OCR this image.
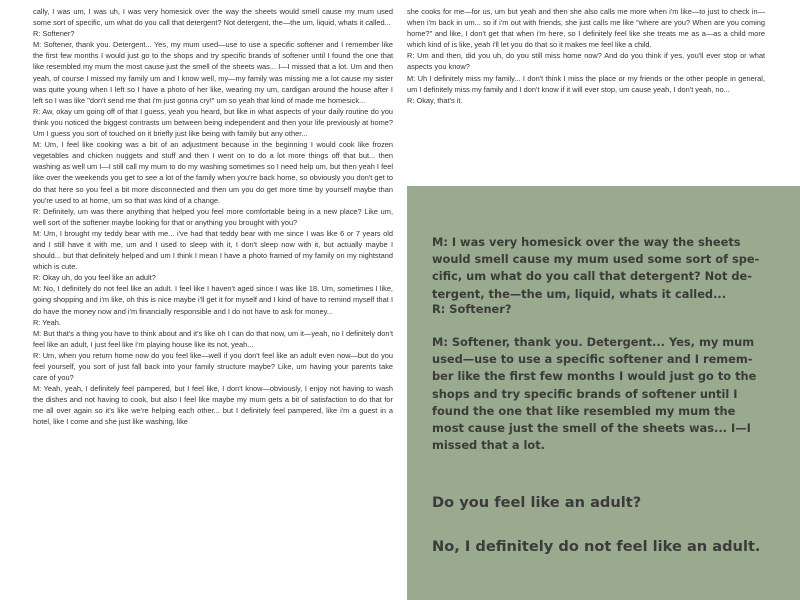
cally, I was um, I was uh, I was very homesick over the way the sheets would smell cause my mum used some sort of specific, um what do you call that detergent? Not detergent, the—the um, liquid, whats it called...

R: Softener?

M: Softener, thank you. Detergent... Yes, my mum used—use to use a specific softener and I remember like the first few months I would just go to the shops and try specific brands of softener until I found the one that like resembled my mum the most cause just the smell of the sheets was... I—I missed that a lot. Um and then yeah, of course I missed my family um and I know well, my—my family was missing me a lot cause my sister was quite young when I left so I have a photo of her like, wearing my um, cardigan around the house after I left so I was like "don't send me that i'm just gonna cry!" um so yeah that kind of made me homesick...

R: Aw, okay um going off of that I guess, yeah you heard, but like in what aspects of your daily routine do you think you noticed the biggest contrasts um between being independent and then your life previously at home? Um I guess you sort of touched on it briefly just like being with family but any other...

M: Um, I feel like cooking was a bit of an adjustment because in the beginning I would cook like frozen vegetables and chicken nuggets and stuff and then I went on to do a lot more things off that but... then washing as well um I—I still call my mum to do my washing sometimes so I need help um, but then yeah I feel like over the weekends you get to see a lot of the family when you're back home, so obviously you don't get to do that here so you feel a bit more disconnected and then um you do get more time by yourself maybe than you're used to at home, um so that was kind of a change.

R: Definitely, um was there anything that helped you feel more comfortable being in a new place? Like um, well sort of the softener maybe looking for that or anything you brought with you?

M: Um, I brought my teddy bear with me... i've had that teddy bear with me since I was like 6 or 7 years old and I still have it with me, um and I used to sleep with it, I don't sleep now with it, but actually maybe I should... but that definitely helped and um I think I mean I have a photo framed of my family on my nightstand which is cute.

R: Okay uh, do you feel like an adult?

M: No, I definitely do not feel like an adult. I feel like I haven't aged since I was like 18. Um, sometimes I like, going shopping and i'm like, oh this is nice maybe i'll get it for myself and I kind of have to remind myself that I do have the money now and i'm financially responsible and I do not have to ask for money...

R: Yeah.

M: But that's a thing you have to think about and it's like oh I can do that now, um it—yeah, no I definitely don't feel like an adult, I just feel like i'm playing house like its not, yeah...

R: Um, when you return home now do you feel like—well if you don't feel like an adult even now—but do you feel yourself, you sort of just fall back into your family structure maybe? Like, um having your parents take care of you?

M: Yeah, yeah, I definitely feel pampered, but I feel like, I don't know—obviously, I enjoy not having to wash the dishes and not having to cook, but also I feel like maybe my mum gets a bit of satisfaction to do that for me all over again so it's like we're helping each other... but I definitely feel pampered, like i'm a guest in a hotel, like I come and she just like washing, like

she cooks for me—for us, um but yeah and then she also calls me more when i'm like—to just to check in—when i'm back in um... so if i'm out with friends, she just calls me like "where are you? When are you coming home?" and like, I don't get that when i'm here, so I definitely feel like she treats me as a—as a child more which kind of is like, yeah i'll let you do that so it makes me feel like a child.

R: Um and then, did you uh, do you still miss home now? And do you think if yes, you'll ever stop or what aspects you know?

M: Uh I definitely miss my family... I don't think I miss the place or my friends or the other people in general, um I definitely miss my family and I don't know if it will ever stop, um cause yeah, I don't yeah, no...

R: Okay, that's it.

M: I was very homesick over the way the sheets would smell cause my mum used some sort of spe-cific, um what do you call that detergent? Not de-tergent, the—the um, liquid, whats it called...

R: Softener?

M: Softener, thank you. Detergent... Yes, my mum used—use to use a specific softener and I remem-ber like the first few months I would just go to the shops and try specific brands of softener until I found the one that like resembled my mum the most cause just the smell of the sheets was... I—I missed that a lot.

Do you feel like an adult?

No, I definitely do not feel like an adult.
